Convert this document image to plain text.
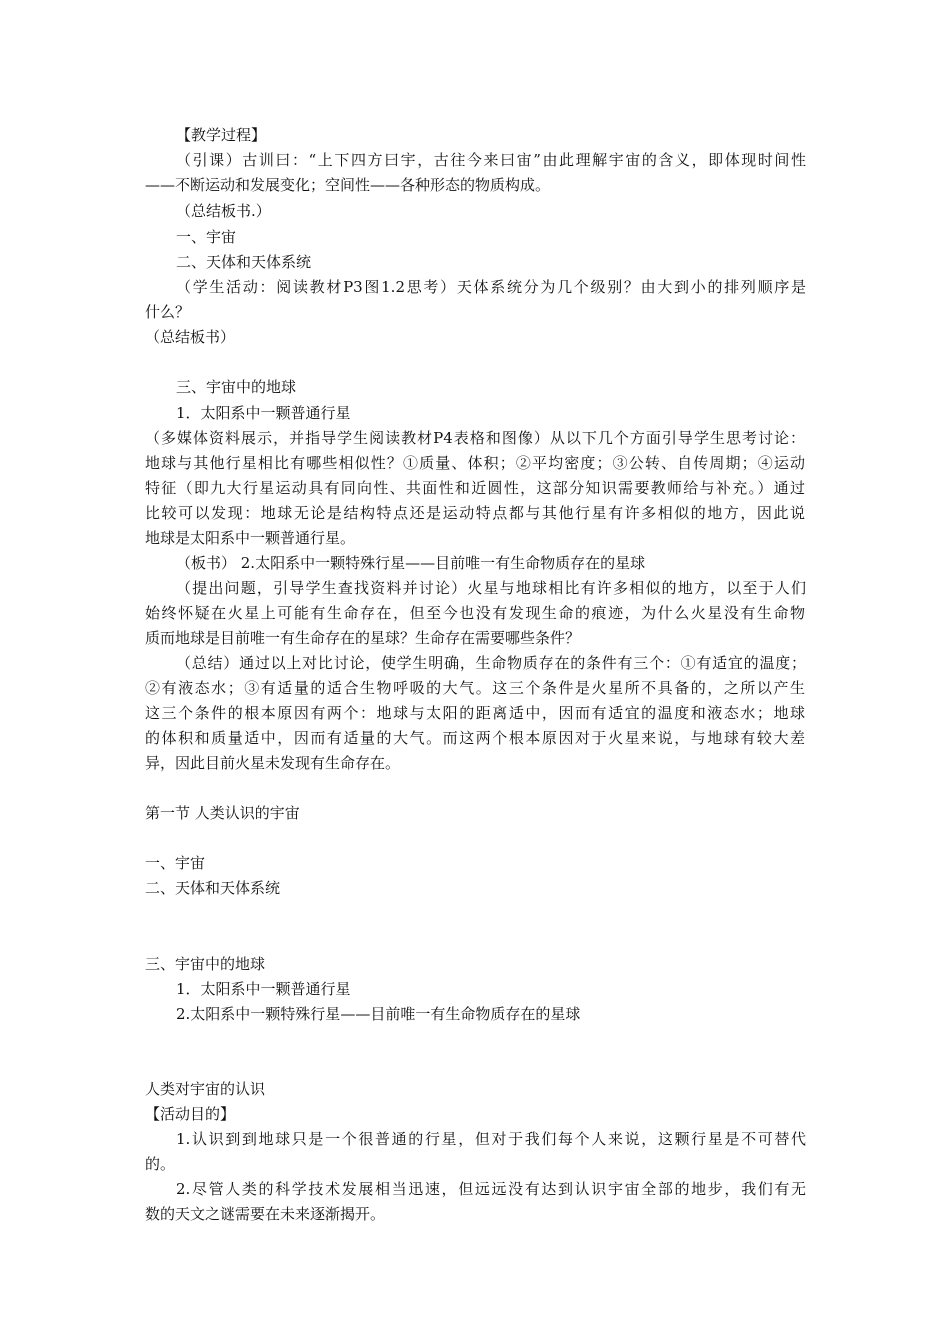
【教学过程】
（引课）古训曰：“上下四方曰宇，古往今来曰宙”由此理解宇宙的含义，即体现时间性
——不断运动和发展变化；空间性——各种形态的物质构成。
（总结板书.）
一、宇宙
二、天体和天体系统
（学生活动：阅读教材P3图1.2思考）天体系统分为几个级别？由大到小的排列顺序是
什么？
（总结板书）
三、宇宙中的地球
1．太阳系中一颗普通行星
（多媒体资料展示，并指导学生阅读教材P4表格和图像）从以下几个方面引导学生思考讨论：
地球与其他行星相比有哪些相似性？①质量、体积；②平均密度；③公转、自传周期；④运动
特征（即九大行星运动具有同向性、共面性和近圆性，这部分知识需要教师给与补充。）通过
比较可以发现：地球无论是结构特点还是运动特点都与其他行星有许多相似的地方，因此说
地球是太阳系中一颗普通行星。
（板书） 2.太阳系中一颗特殊行星——目前唯一有生命物质存在的星球
（提出问题，引导学生查找资料并讨论）火星与地球相比有许多相似的地方，以至于人们
始终怀疑在火星上可能有生命存在，但至今也没有发现生命的痕迹，为什么火星没有生命物
质而地球是目前唯一有生命存在的星球？生命存在需要哪些条件？
（总结）通过以上对比讨论，使学生明确，生命物质存在的条件有三个：①有适宜的温度；
②有液态水；③有适量的适合生物呼吸的大气。这三个条件是火星所不具备的，之所以产生
这三个条件的根本原因有两个：地球与太阳的距离适中，因而有适宜的温度和液态水；地球
的体积和质量适中，因而有适量的大气。而这两个根本原因对于火星来说，与地球有较大差
异，因此目前火星未发现有生命存在。
第一节 人类认识的宇宙
一、宇宙
二、天体和天体系统
三、宇宙中的地球
1．太阳系中一颗普通行星
2.太阳系中一颗特殊行星——目前唯一有生命物质存在的星球
人类对宇宙的认识
【活动目的】
1.认识到到地球只是一个很普通的行星，但对于我们每个人来说，这颗行星是不可替代
的。
2.尽管人类的科学技术发展相当迅速，但远远没有达到认识宇宙全部的地步，我们有无
数的天文之谜需要在未来逐渐揭开。
